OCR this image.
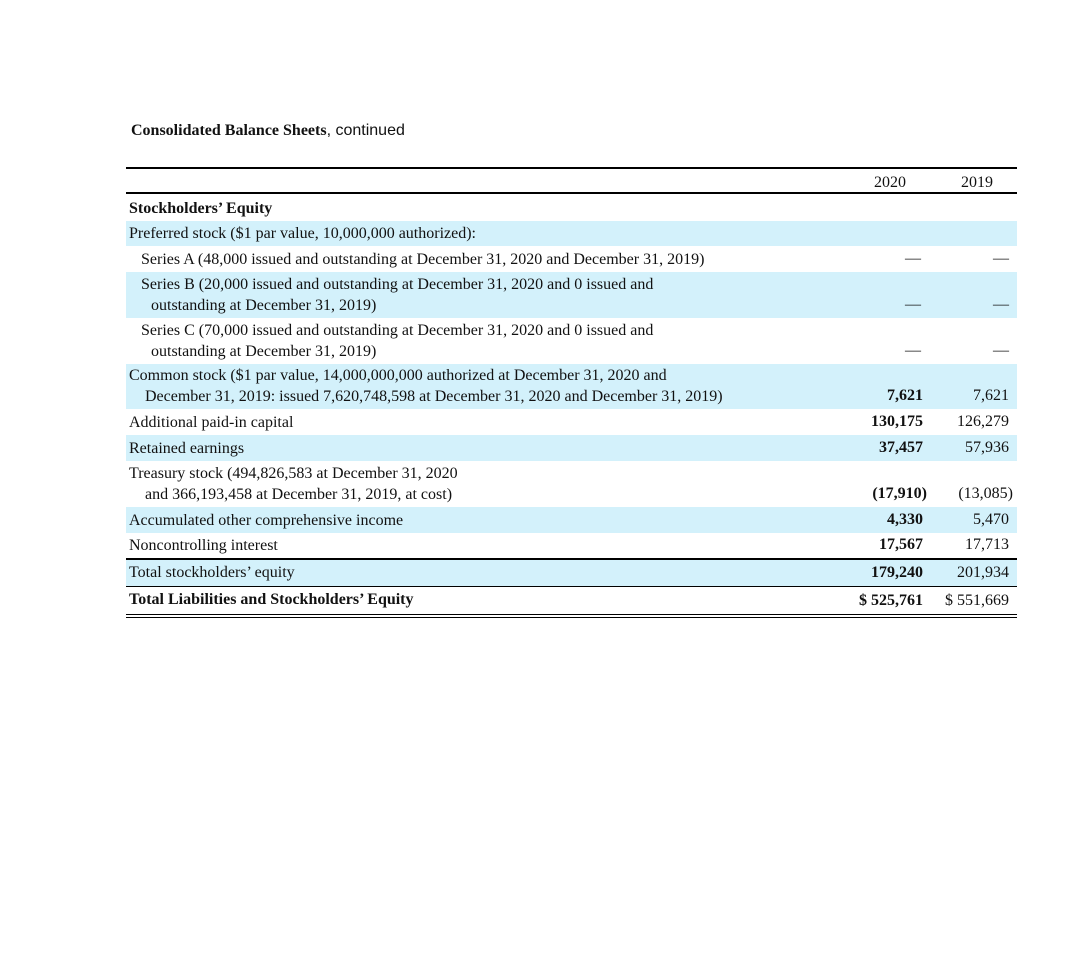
Consolidated Balance Sheets, continued
2020	2019
Stockholders’ Equity
Preferred stock ($1 par value, 10,000,000 authorized):
Series A (48,000 issued and outstanding at December 31, 2020 and December 31, 2019)	—	—
Series B (20,000 issued and outstanding at December 31, 2020 and 0 issued and
outstanding at December 31, 2019)	—	—
Series C (70,000 issued and outstanding at December 31, 2020 and 0 issued and
outstanding at December 31, 2019)	—	—
Common stock ($1 par value, 14,000,000,000 authorized at December 31, 2020 and
December 31, 2019: issued 7,620,748,598 at December 31, 2020 and December 31, 2019)	7,621	7,621
Additional paid-in capital	130,175	126,279
Retained earnings	37,457	57,936
Treasury stock (494,826,583 at December 31, 2020
and 366,193,458 at December 31, 2019, at cost)	(17,910)	(13,085)
Accumulated other comprehensive income	4,330	5,470
Noncontrolling interest	17,567	17,713
Total stockholders’ equity	179,240	201,934
Total Liabilities and Stockholders’ Equity	$ 525,761	$ 551,669
